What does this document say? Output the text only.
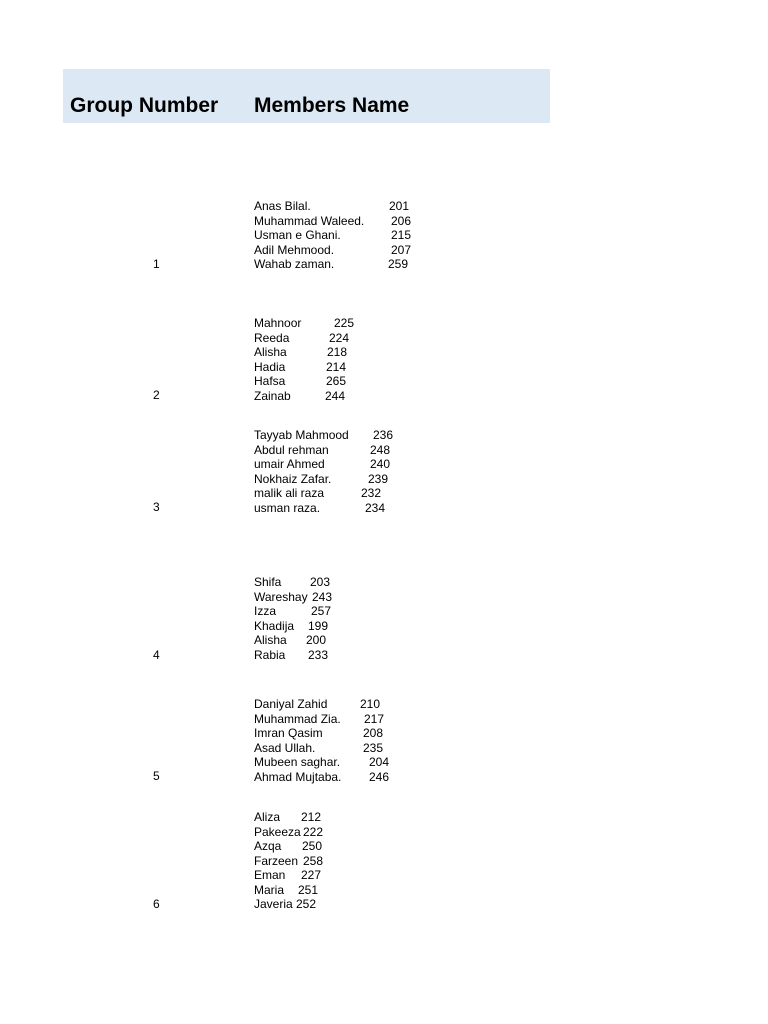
Group Number Members Name
1
Anas Bilal.	201
Muhammad Waleed. 206
Usman e Ghani.	215
Adil Mehmood.	207
Wahab zaman.	259
2
Mahnoor	225
Reeda	224
Alisha	218
Hadia	214
Hafsa	265
Zainab	244
3
Tayyab Mahmood 236
Abdul rehman	248
umair Ahmed	240
Nokhaiz Zafar.	239
malik ali raza	232
usman raza.	234
4
Shifa 203
Wareshay 243
Izza	257
Khadija 199
Alisha 200
Rabia 233
5
Daniyal Zahid	210
Muhammad Zia. 217
Imran Qasim	208
Asad Ullah.	235
Mubeen saghar. 204
Ahmad Mujtaba. 246
6
Aliza 212
Pakeeza 222
Azqa 250
Farzeen 258
Eman 227
Maria 251
Javeria 252
